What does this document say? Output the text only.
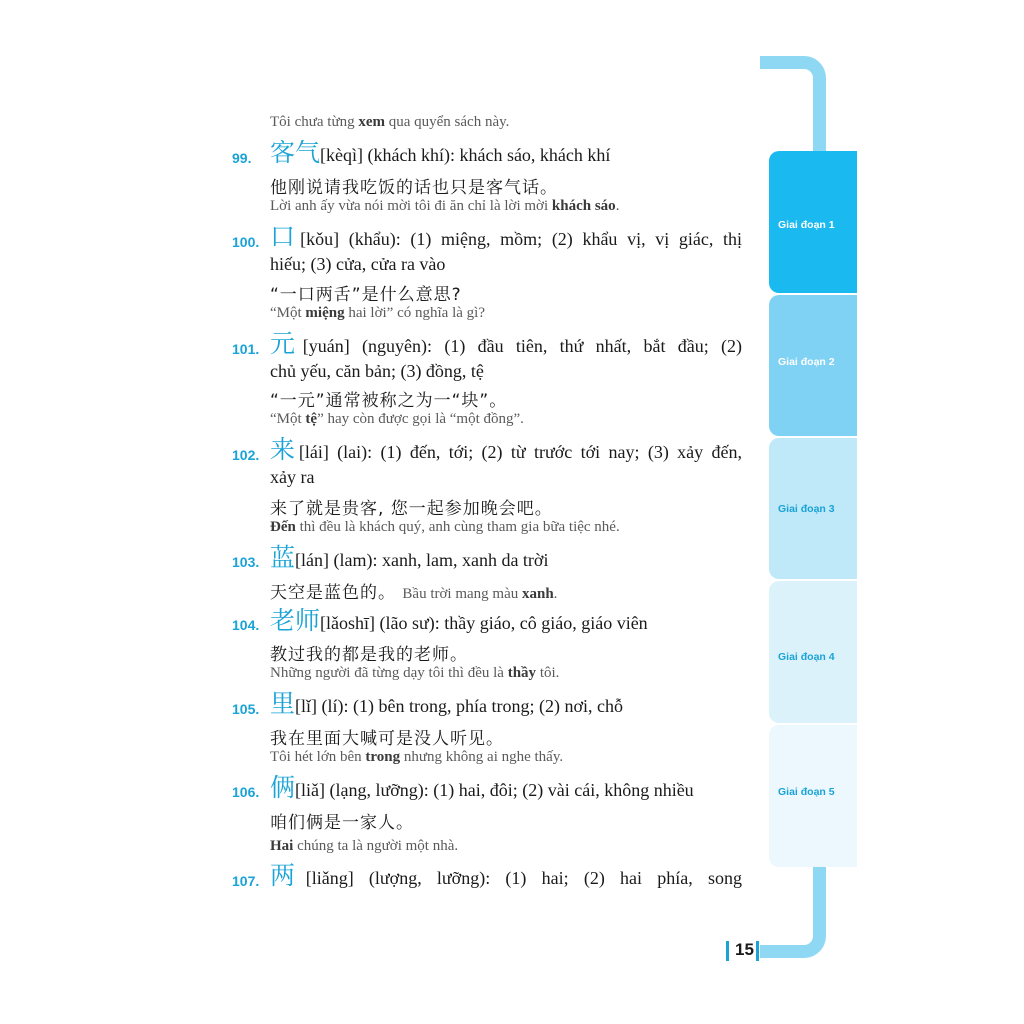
Tôi chưa từng xem qua quyển sách này.
99. 客气[kèqì] (khách khí): khách sáo, khách khí
他刚说请我吃饭的话也只是客气话。
Lời anh ấy vừa nói mời tôi đi ăn chỉ là lời mời khách sáo.
100. 口[kǒu] (khẩu): (1) miệng, mồm; (2) khẩu vị, vị giác, thị
hiếu; (3) cửa, cửa ra vào
“一口两舌”是什么意思?
“Một miệng hai lời” có nghĩa là gì?
101. 元[yuán] (nguyên): (1) đầu tiên, thứ nhất, bắt đầu; (2)
chủ yếu, căn bản; (3) đồng, tệ
“一元”通常被称之为一“块”。
“Một tệ” hay còn được gọi là “một đồng”.
102. 来[lái] (lai): (1) đến, tới; (2) từ trước tới nay; (3) xảy đến,
xảy ra
来了就是贵客, 您一起参加晚会吧。
Đến thì đều là khách quý, anh cùng tham gia bữa tiệc nhé.
103. 蓝[lán] (lam): xanh, lam, xanh da trời
天空是蓝色的。 Bầu trời mang màu xanh.
104. 老师[lǎoshī] (lão sư): thầy giáo, cô giáo, giáo viên
教过我的都是我的老师。
Những người đã từng dạy tôi thì đều là thầy tôi.
105. 里[lǐ] (lí): (1) bên trong, phía trong; (2) nơi, chỗ
我在里面大喊可是没人听见。
Tôi hét lớn bên trong nhưng không ai nghe thấy.
106. 俩[liǎ] (lạng, lưỡng): (1) hai, đôi; (2) vài cái, không nhiều
咱们俩是一家人。
Hai chúng ta là người một nhà.
107. 两[liǎng] (lượng, lưỡng): (1) hai; (2) hai phía, song
Giai đoạn 1
Giai đoạn 2
Giai đoạn 3
Giai đoạn 4
Giai đoạn 5
15
